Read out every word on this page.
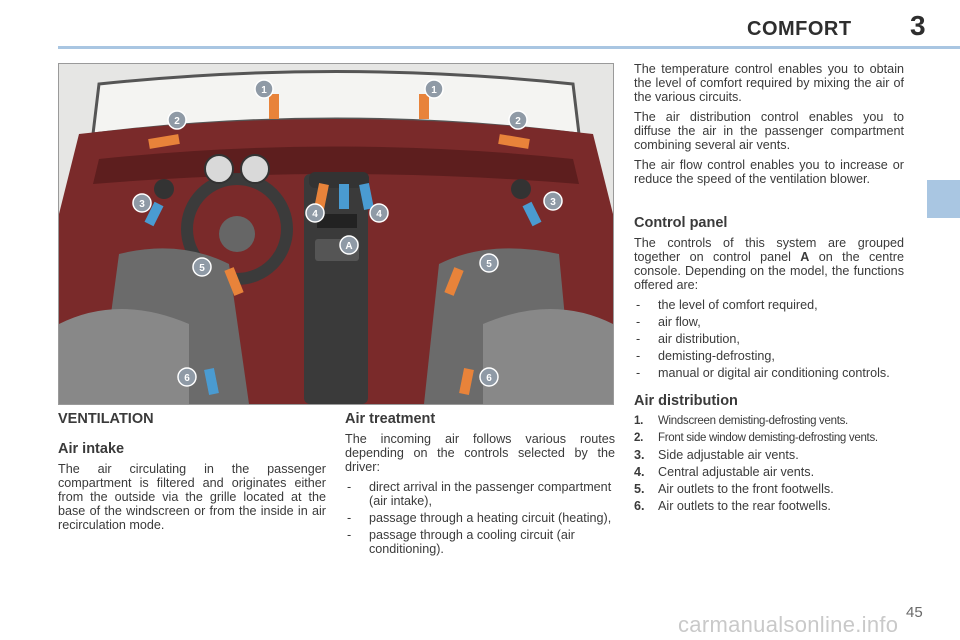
COMFORT 3
1	1
2	2
3	3
4	4
A
5	5
6	6
VENTILATION
Air intake

The air circulating in the passenger compartment is filtered and originates either from the outside via the grille located at the base of the windscreen or from the inside in air recirculation mode.

Air treatment

The incoming air follows various routes depending on the controls selected by the driver:

- direct arrival in the passenger compartment (air intake),
- passage through a heating circuit (heating),
- passage through a cooling circuit (air conditioning).

The temperature control enables you to obtain the level of comfort required by mixing the air of the various circuits.

The air distribution control enables you to diffuse the air in the passenger compartment combining several air vents.

The air flow control enables you to increase or reduce the speed of the ventilation blower.

Control panel

The controls of this system are grouped together on control panel A on the centre console. Depending on the model, the functions offered are:

- the level of comfort required,
- air flow,
- air distribution,
- demisting-defrosting,
- manual or digital air conditioning controls.
Air distribution
1. Windscreen demisting-defrosting vents.
2. Front side window demisting-defrosting vents.
3. Side adjustable air vents.
4. Central adjustable air vents.
5. Air outlets to the front footwells.
6. Air outlets to the rear footwells.
45
carmanualsonline.info
